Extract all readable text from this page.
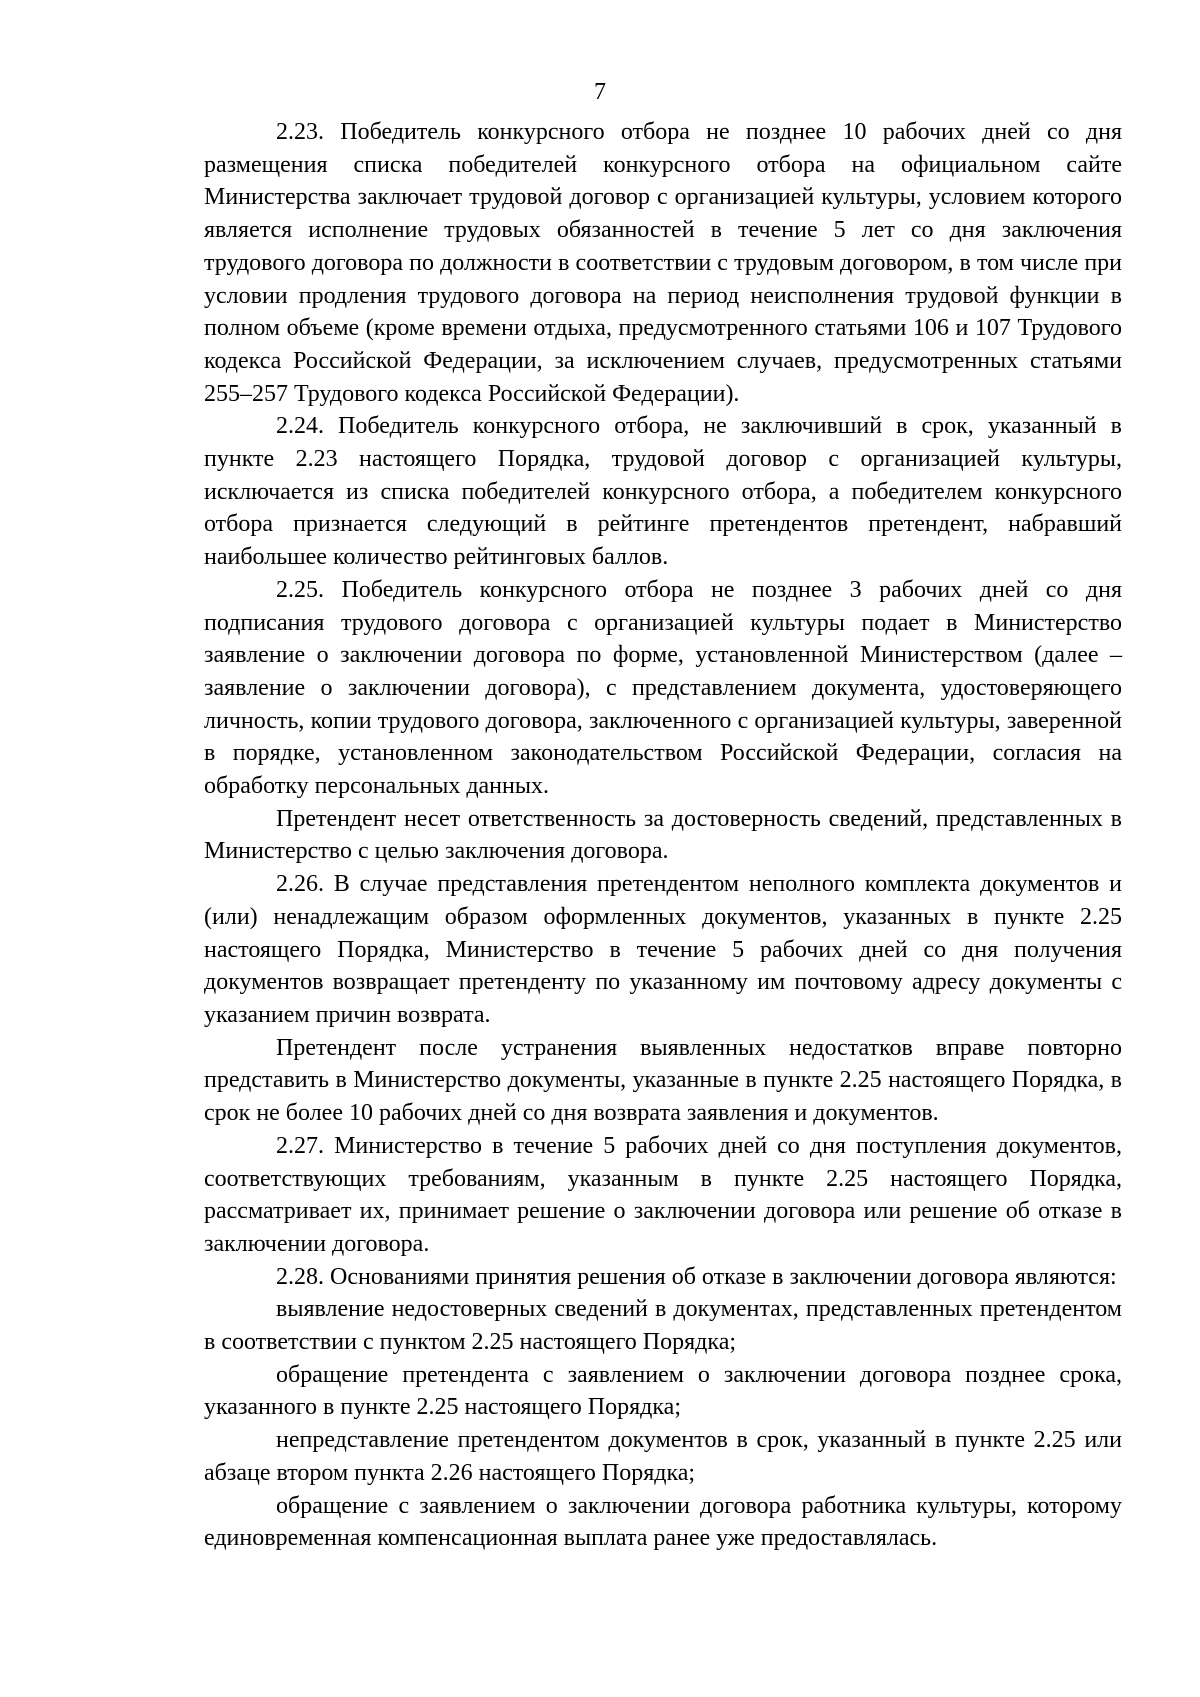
7

2.23. Победитель конкурсного отбора не позднее 10 рабочих дней со дня размещения списка победителей конкурсного отбора на официальном сайте Министерства заключает трудовой договор с организацией культуры, условием которого является исполнение трудовых обязанностей в течение 5 лет со дня заключения трудового договора по должности в соответствии с трудовым договором, в том числе при условии продления трудового договора на период неисполнения трудовой функции в полном объеме (кроме времени отдыха, предусмотренного статьями 106 и 107 Трудового кодекса Российской Федерации, за исключением случаев, предусмотренных статьями 255–257 Трудового кодекса Российской Федерации).

2.24. Победитель конкурсного отбора, не заключивший в срок, указанный в пункте 2.23 настоящего Порядка, трудовой договор с организацией культуры, исключается из списка победителей конкурсного отбора, а победителем конкурсного отбора признается следующий в рейтинге претендентов претендент, набравший наибольшее количество рейтинговых баллов.

2.25. Победитель конкурсного отбора не позднее 3 рабочих дней со дня подписания трудового договора с организацией культуры подает в Министерство заявление о заключении договора по форме, установленной Министерством (далее – заявление о заключении договора), с представлением документа, удостоверяющего личность, копии трудового договора, заключенного с организацией культуры, заверенной в порядке, установленном законодательством Российской Федерации, согласия на обработку персональных данных.

Претендент несет ответственность за достоверность сведений, представленных в Министерство с целью заключения договора.

2.26. В случае представления претендентом неполного комплекта документов и (или) ненадлежащим образом оформленных документов, указанных в пункте 2.25 настоящего Порядка, Министерство в течение 5 рабочих дней со дня получения документов возвращает претенденту по указанному им почтовому адресу документы с указанием причин возврата.

Претендент после устранения выявленных недостатков вправе повторно представить в Министерство документы, указанные в пункте 2.25 настоящего Порядка, в срок не более 10 рабочих дней со дня возврата заявления и документов.

2.27. Министерство в течение 5 рабочих дней со дня поступления документов, соответствующих требованиям, указанным в пункте 2.25 настоящего Порядка, рассматривает их, принимает решение о заключении договора или решение об отказе в заключении договора.

2.28. Основаниями принятия решения об отказе в заключении договора являются:

выявление недостоверных сведений в документах, представленных претендентом в соответствии с пунктом 2.25 настоящего Порядка;

обращение претендента с заявлением о заключении договора позднее срока, указанного в пункте 2.25 настоящего Порядка;

непредставление претендентом документов в срок, указанный в пункте 2.25 или абзаце втором пункта 2.26 настоящего Порядка;

обращение с заявлением о заключении договора работника культуры, которому единовременная компенсационная выплата ранее уже предоставлялась.
